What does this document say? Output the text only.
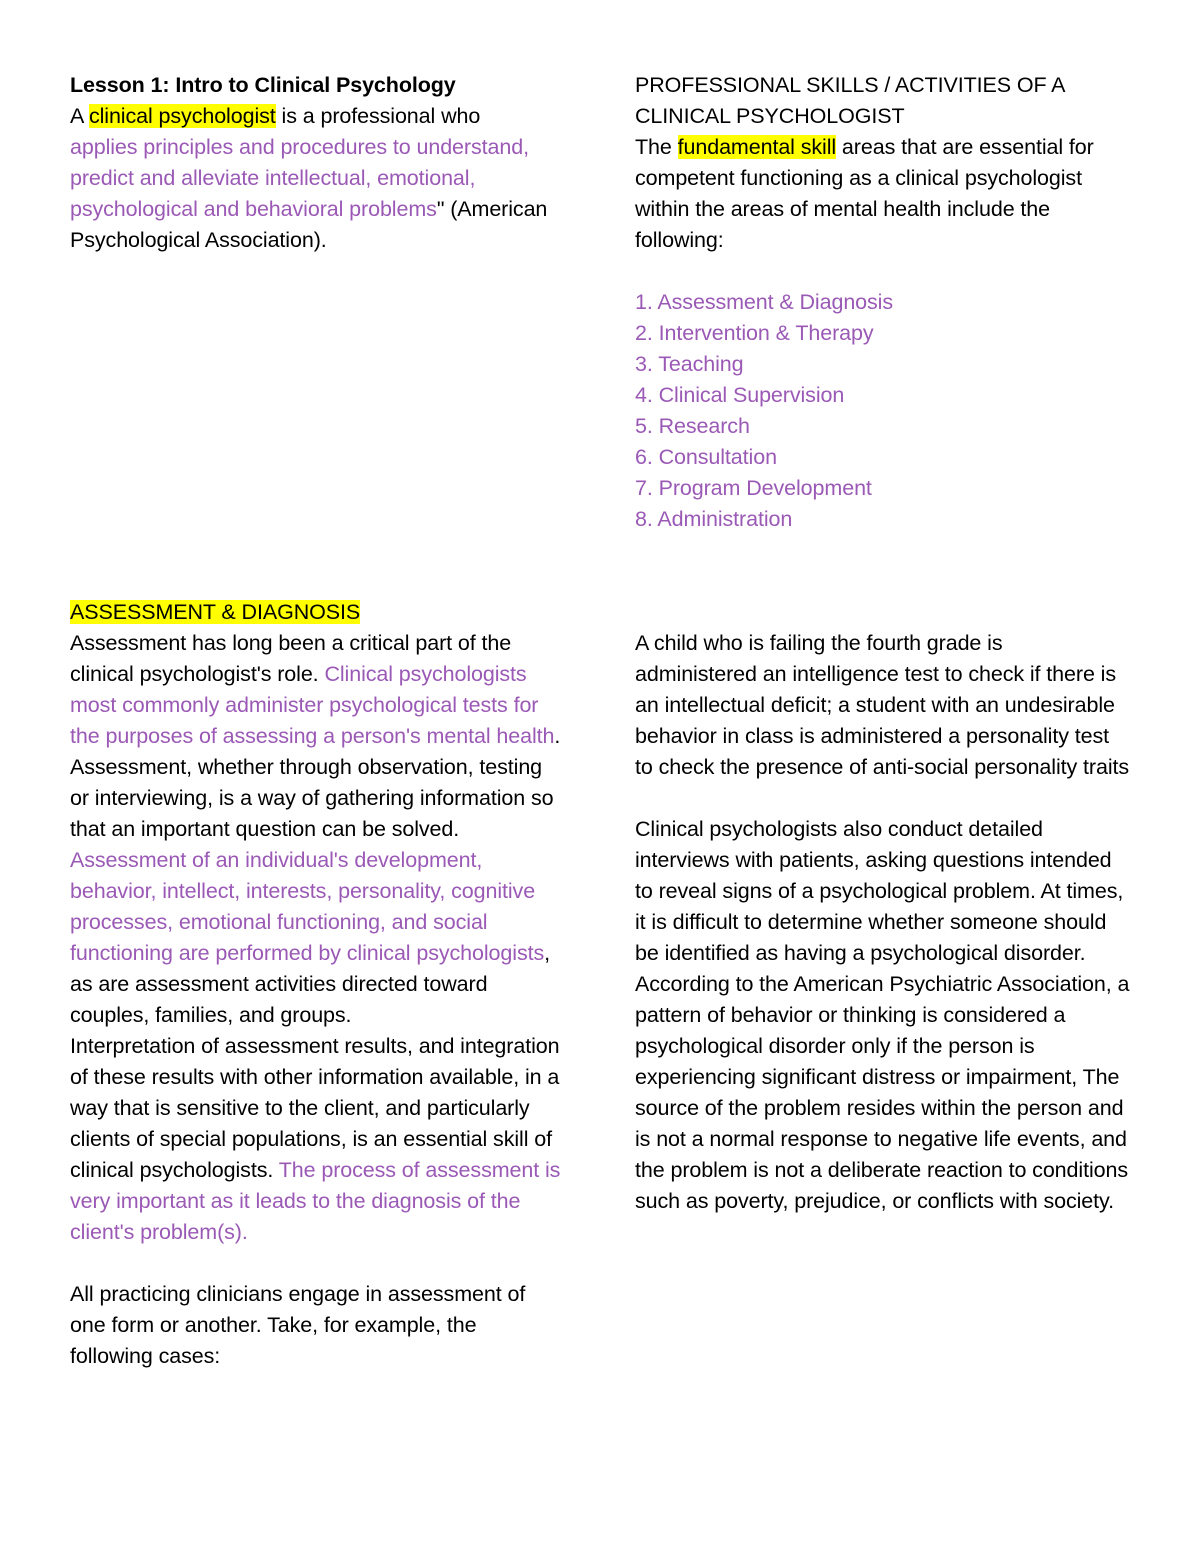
Lesson 1: Intro to Clinical Psychology

A clinical psychologist is a professional who applies principles and procedures to understand, predict and alleviate intellectual, emotional, psychological and behavioral problems" (American Psychological Association).

PROFESSIONAL SKILLS / ACTIVITIES OF A CLINICAL PSYCHOLOGIST

The fundamental skill areas that are essential for competent functioning as a clinical psychologist within the areas of mental health include the following:

1. Assessment & Diagnosis
2. Intervention & Therapy
3. Teaching
4. Clinical Supervision
5. Research
6. Consultation
7. Program Development
8. Administration

ASSESSMENT & DIAGNOSIS

Assessment has long been a critical part of the clinical psychologist's role. Clinical psychologists most commonly administer psychological tests for the purposes of assessing a person's mental health.

Assessment, whether through observation, testing or interviewing, is a way of gathering information so that an important question can be solved. Assessment of an individual's development, behavior, intellect, interests, personality, cognitive processes, emotional functioning, and social functioning are performed by clinical psychologists, as are assessment activities directed toward couples, families, and groups.

Interpretation of assessment results, and integration of these results with other information available, in a way that is sensitive to the client, and particularly clients of special populations, is an essential skill of clinical psychologists. The process of assessment is very important as it leads to the diagnosis of the client's problem(s).

All practicing clinicians engage in assessment of one form or another. Take, for example, the following cases:

A child who is failing the fourth grade is administered an intelligence test to check if there is an intellectual deficit; a student with an undesirable behavior in class is administered a personality test to check the presence of anti-social personality traits

Clinical psychologists also conduct detailed interviews with patients, asking questions intended to reveal signs of a psychological problem. At times, it is difficult to determine whether someone should be identified as having a psychological disorder. According to the American Psychiatric Association, a pattern of behavior or thinking is considered a psychological disorder only if the person is experiencing significant distress or impairment, The source of the problem resides within the person and is not a normal response to negative life events, and the problem is not a deliberate reaction to conditions such as poverty, prejudice, or conflicts with society.
